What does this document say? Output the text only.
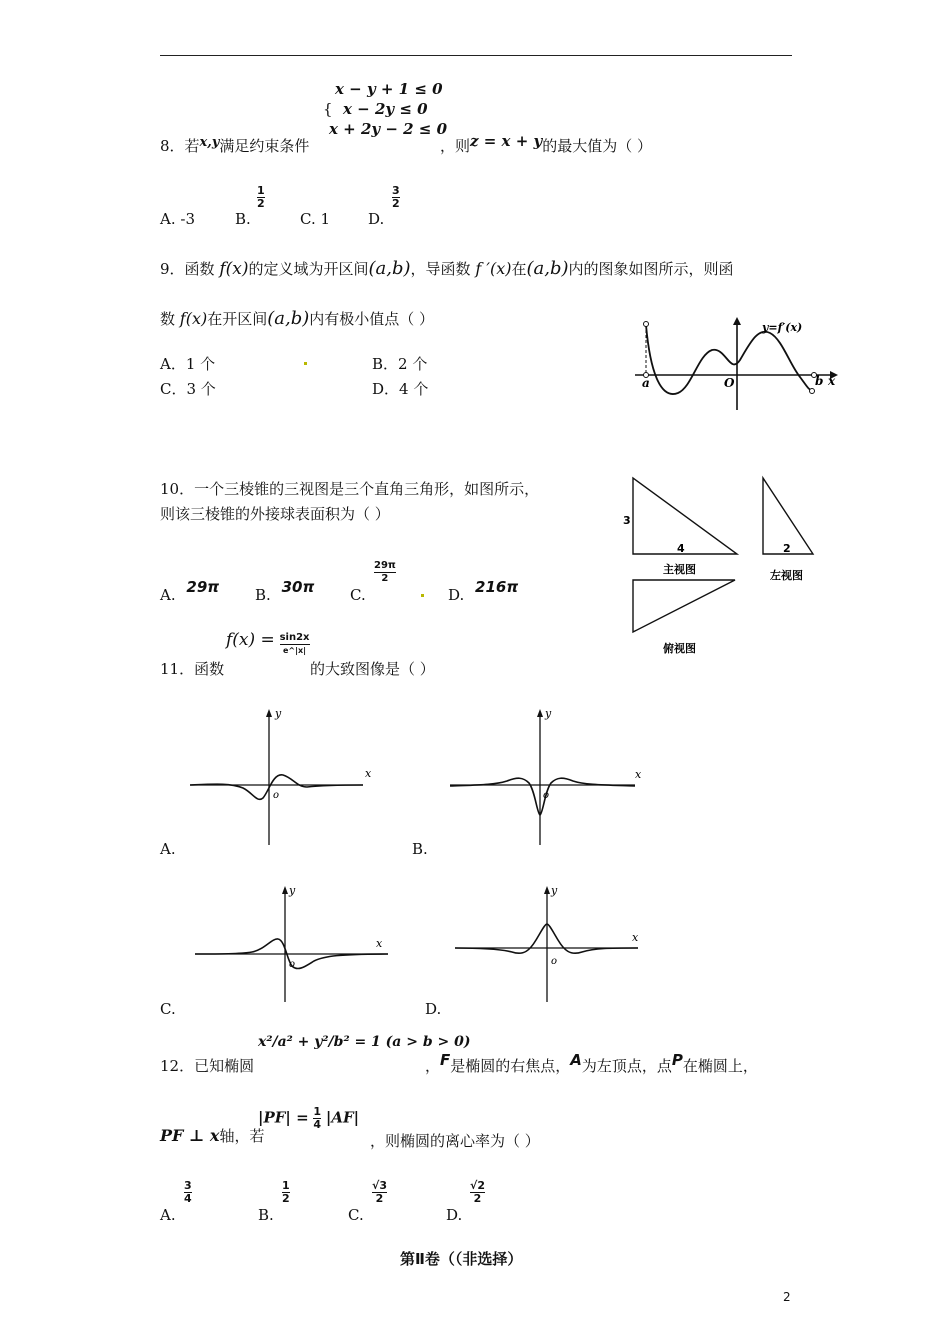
x − y + 1 ≤ 0
{ x − 2y ≤ 0
x + 2y − 2 ≤ 0
8．若x,y满足约束条件	，则z = x + y的最大值为（ ）
A. -3	B.
1
2
C. 1	D.
3
2
9．函数 f(x)的定义域为开区间(a,b)，导函数 f ′(x)在(a,b)内的图象如图所示，则函
数 f(x)在开区间(a,b)内有极小值点（ ）
A．1 个	B．2 个
C．3 个	D．4 个	a	O	b x
y=f′(x)
10．一个三棱锥的三视图是三个直角三角形，如图所示，
则该三棱锥的外接球表面积为（ ）
A. 29π B. 30π C.
29π
2
D. 216π
3
4	2
主视图	左视图
俯视图
$f(x) = \frac{\sin 2x}{e\^{}|x|}$
11．函数	的大致图像是（ ）
y
x
o
A.
y
x
o
B.
y
x
o
C.
y
x
o
D.
x²/a² + y²/b² = 1 (a > b > 0)
12．已知椭圆	，F是椭圆的右焦点，A为左顶点，点P在椭圆上，
PF ⊥ x轴，若
$|PF| = \frac{1}{4} |AF|$
，则椭圆的离心率为（ ）
A.
3
4
B.
1
2
C.
√3
2
D.
√2
2
第Ⅱ卷（（非选择）
2
